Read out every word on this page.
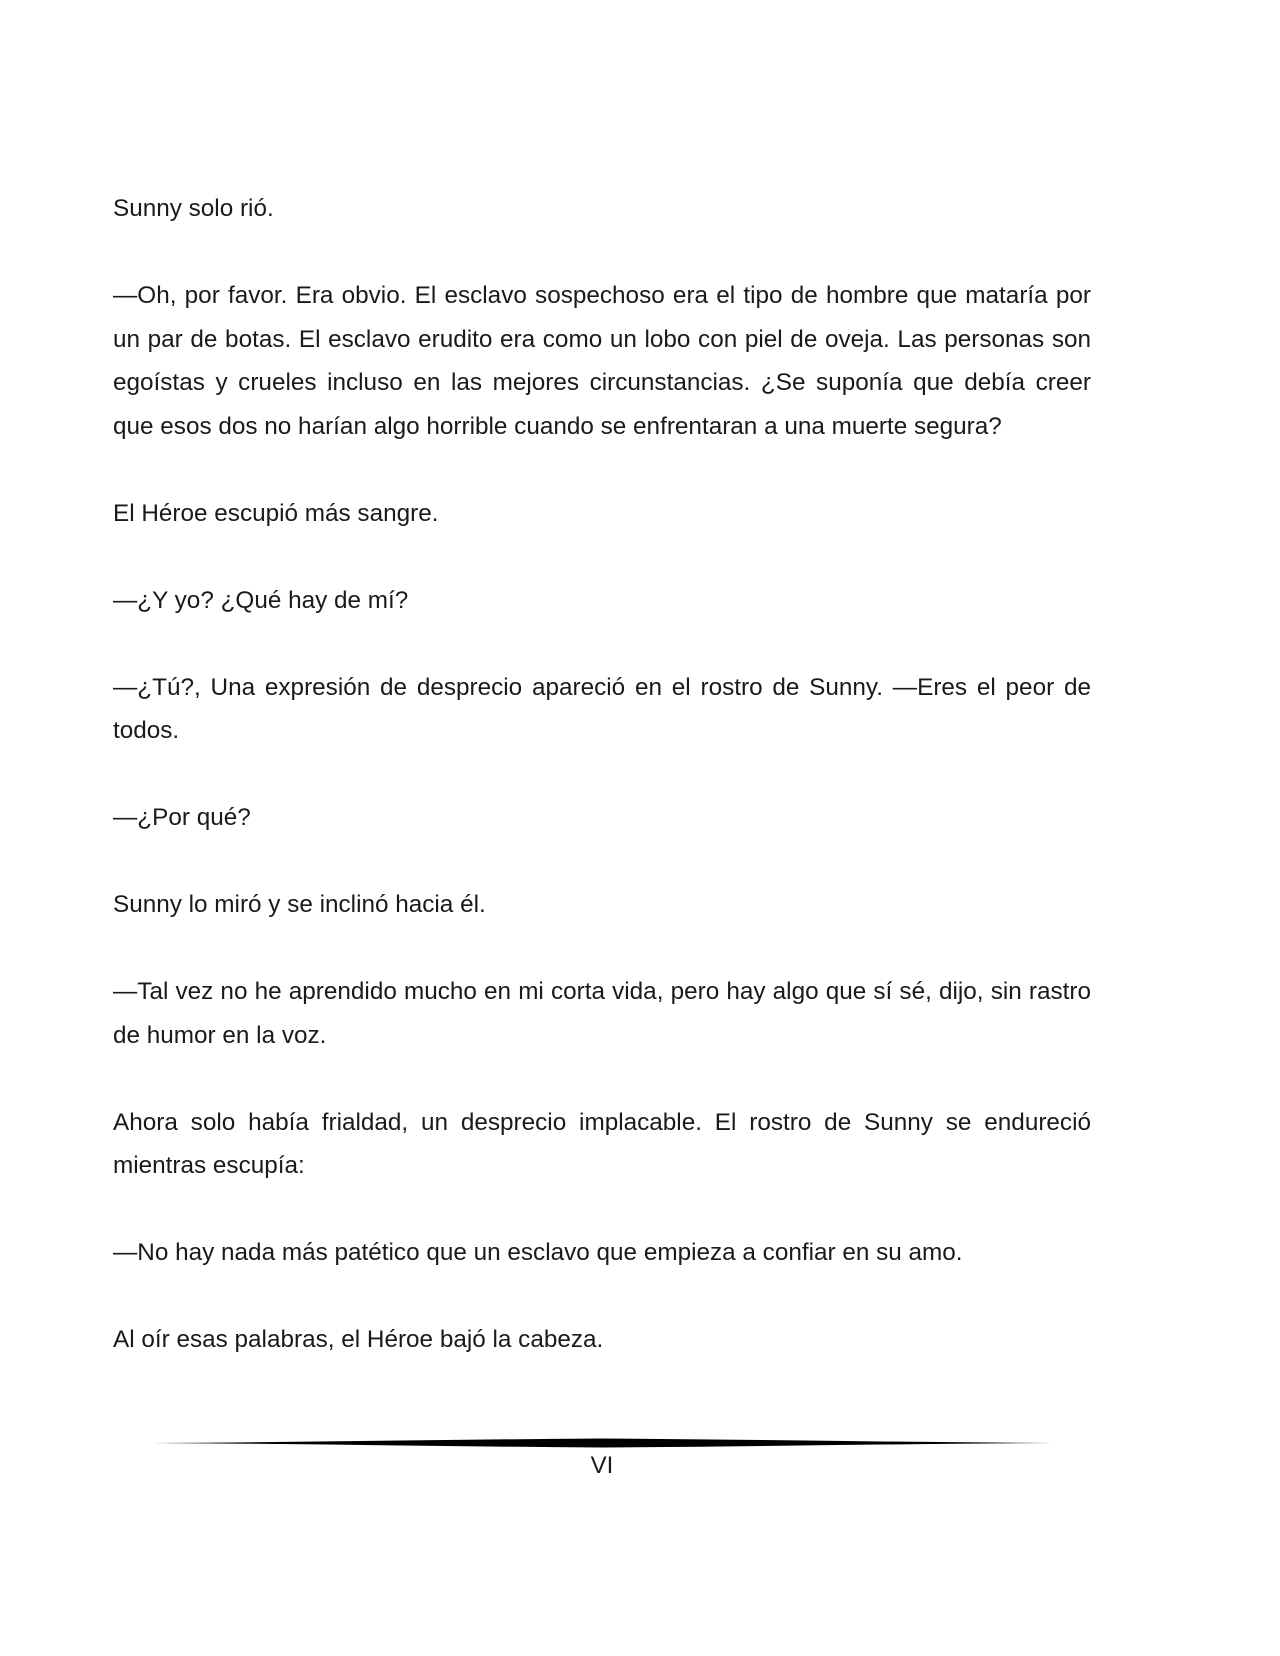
Sunny solo rió.

—Oh, por favor. Era obvio. El esclavo sospechoso era el tipo de hombre que mataría por un par de botas. El esclavo erudito era como un lobo con piel de oveja. Las personas son egoístas y crueles incluso en las mejores circunstancias. ¿Se suponía que debía creer que esos dos no harían algo horrible cuando se enfrentaran a una muerte segura?

El Héroe escupió más sangre.

—¿Y yo? ¿Qué hay de mí?

—¿Tú?, Una expresión de desprecio apareció en el rostro de Sunny. —Eres el peor de todos.

—¿Por qué?

Sunny lo miró y se inclinó hacia él.

—Tal vez no he aprendido mucho en mi corta vida, pero hay algo que sí sé, dijo, sin rastro de humor en la voz.

Ahora solo había frialdad, un desprecio implacable. El rostro de Sunny se endureció mientras escupía:

—No hay nada más patético que un esclavo que empieza a confiar en su amo.

Al oír esas palabras, el Héroe bajó la cabeza.

VI
